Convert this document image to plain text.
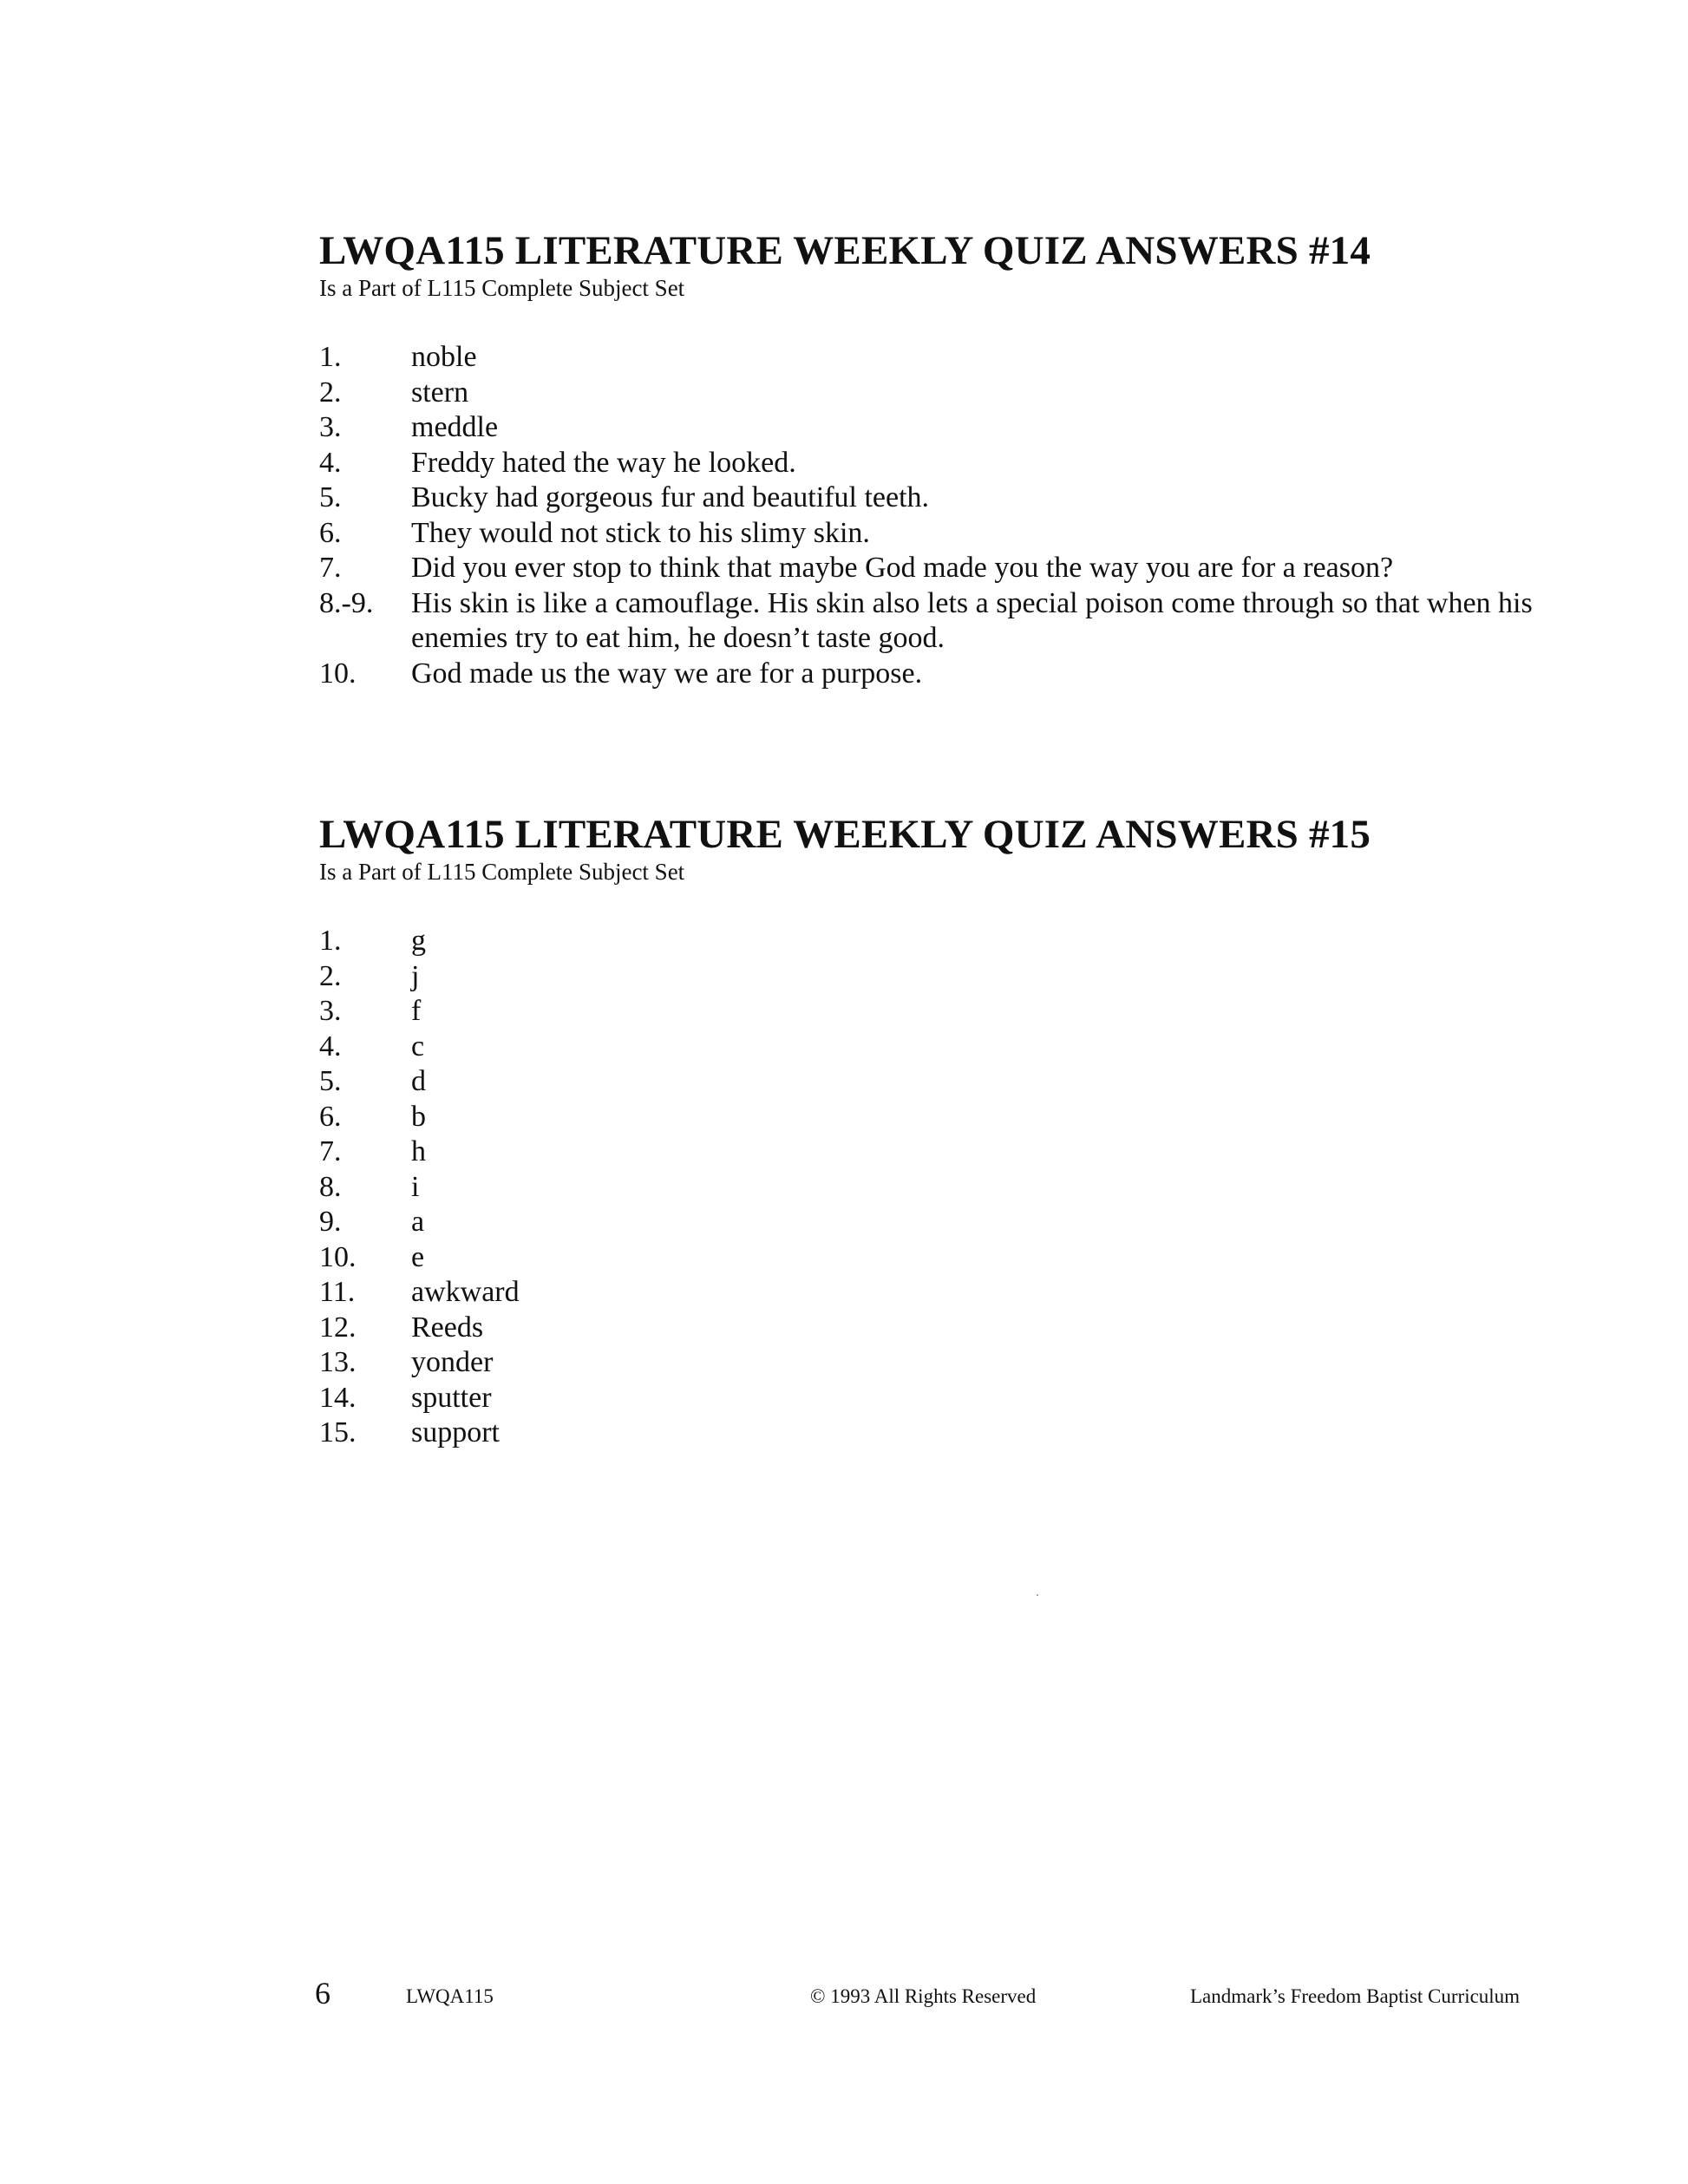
LWQA115 LITERATURE WEEKLY QUIZ ANSWERS #14
Is a Part of L115 Complete Subject Set
1.	noble
2.	stern
3.	meddle
4.	Freddy hated the way he looked.
5.	Bucky had gorgeous fur and beautiful teeth.
6.	They would not stick to his slimy skin.
7.	Did you ever stop to think that maybe God made you the way you are for a reason?
8.-9.	His skin is like a camouflage. His skin also lets a special poison come through so that when his enemies try to eat him, he doesn’t taste good.
10.	God made us the way we are for a purpose.
LWQA115 LITERATURE WEEKLY QUIZ ANSWERS #15
Is a Part of L115 Complete Subject Set
1.	g
2.	j
3.	f
4.	c
5.	d
6.	b
7.	h
8.	i
9.	a
10.	e
11.	awkward
12.	Reeds
13.	yonder
14.	sputter
15.	support
6	LWQA115	© 1993 All Rights Reserved	Landmark’s Freedom Baptist Curriculum
